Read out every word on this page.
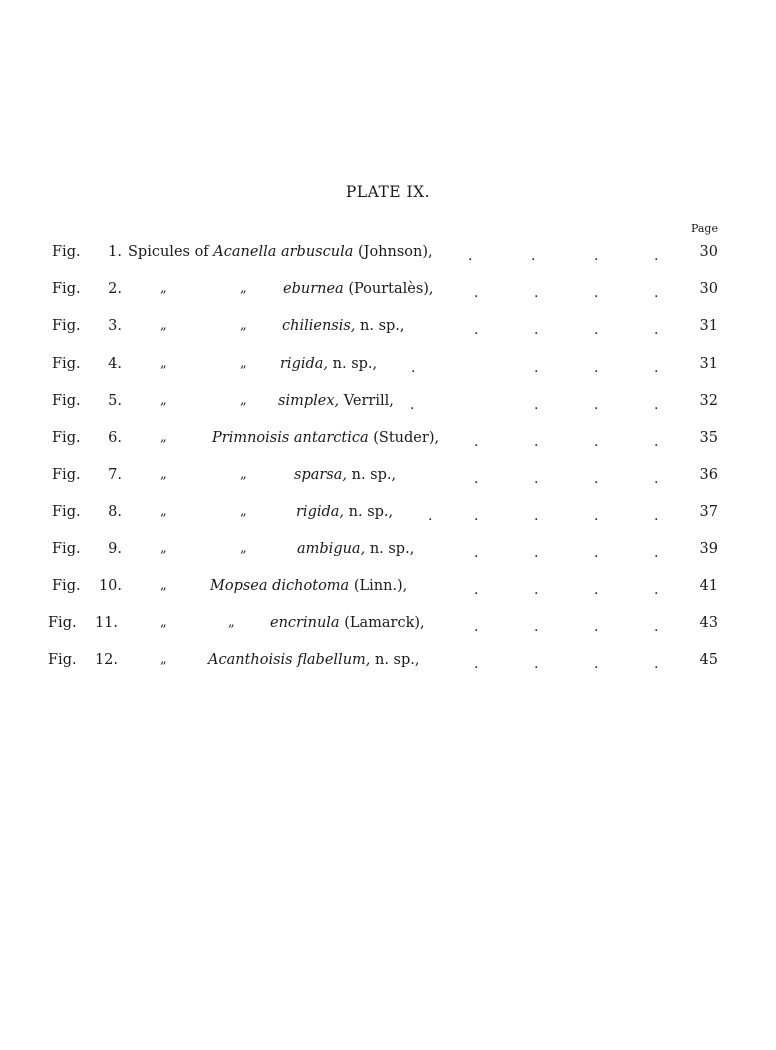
PLATE IX.
Page
Fig. 1. Spicules of Acanella arbuscula (Johnson),	.	.	.	.	30
Fig. 2.	„	„	eburnea (Pourtalès),	.	.	.	.	30
Fig. 3.	„	„ chiliensis, n. sp.,	.	.	.	.	31
Fig. 4.	„	„ rigida, n. sp., .	.	.	.	31
Fig. 5.	„	„ simplex, Verrill, .	.	.	.	32
Fig. 6.	„	Primnoisis antarctica (Studer), .	.	.	.	35
Fig. 7.	„	„	sparsa, n. sp.,	.	.	.	.	36
Fig. 8.	„	„	rigida, n. sp., .	.	.	.	.	37
Fig. 9.	„	„	ambigua, n. sp.,	.	.	.	.	39
Fig. 10.	„	Mopsea dichotoma (Linn.),	.	.	.	.	41
Fig. 11.	„	„ encrinula (Lamarck),	.	.	.	.	43
Fig. 12.	„	Acanthoisis flabellum, n. sp.,	.	.	.	.	45
